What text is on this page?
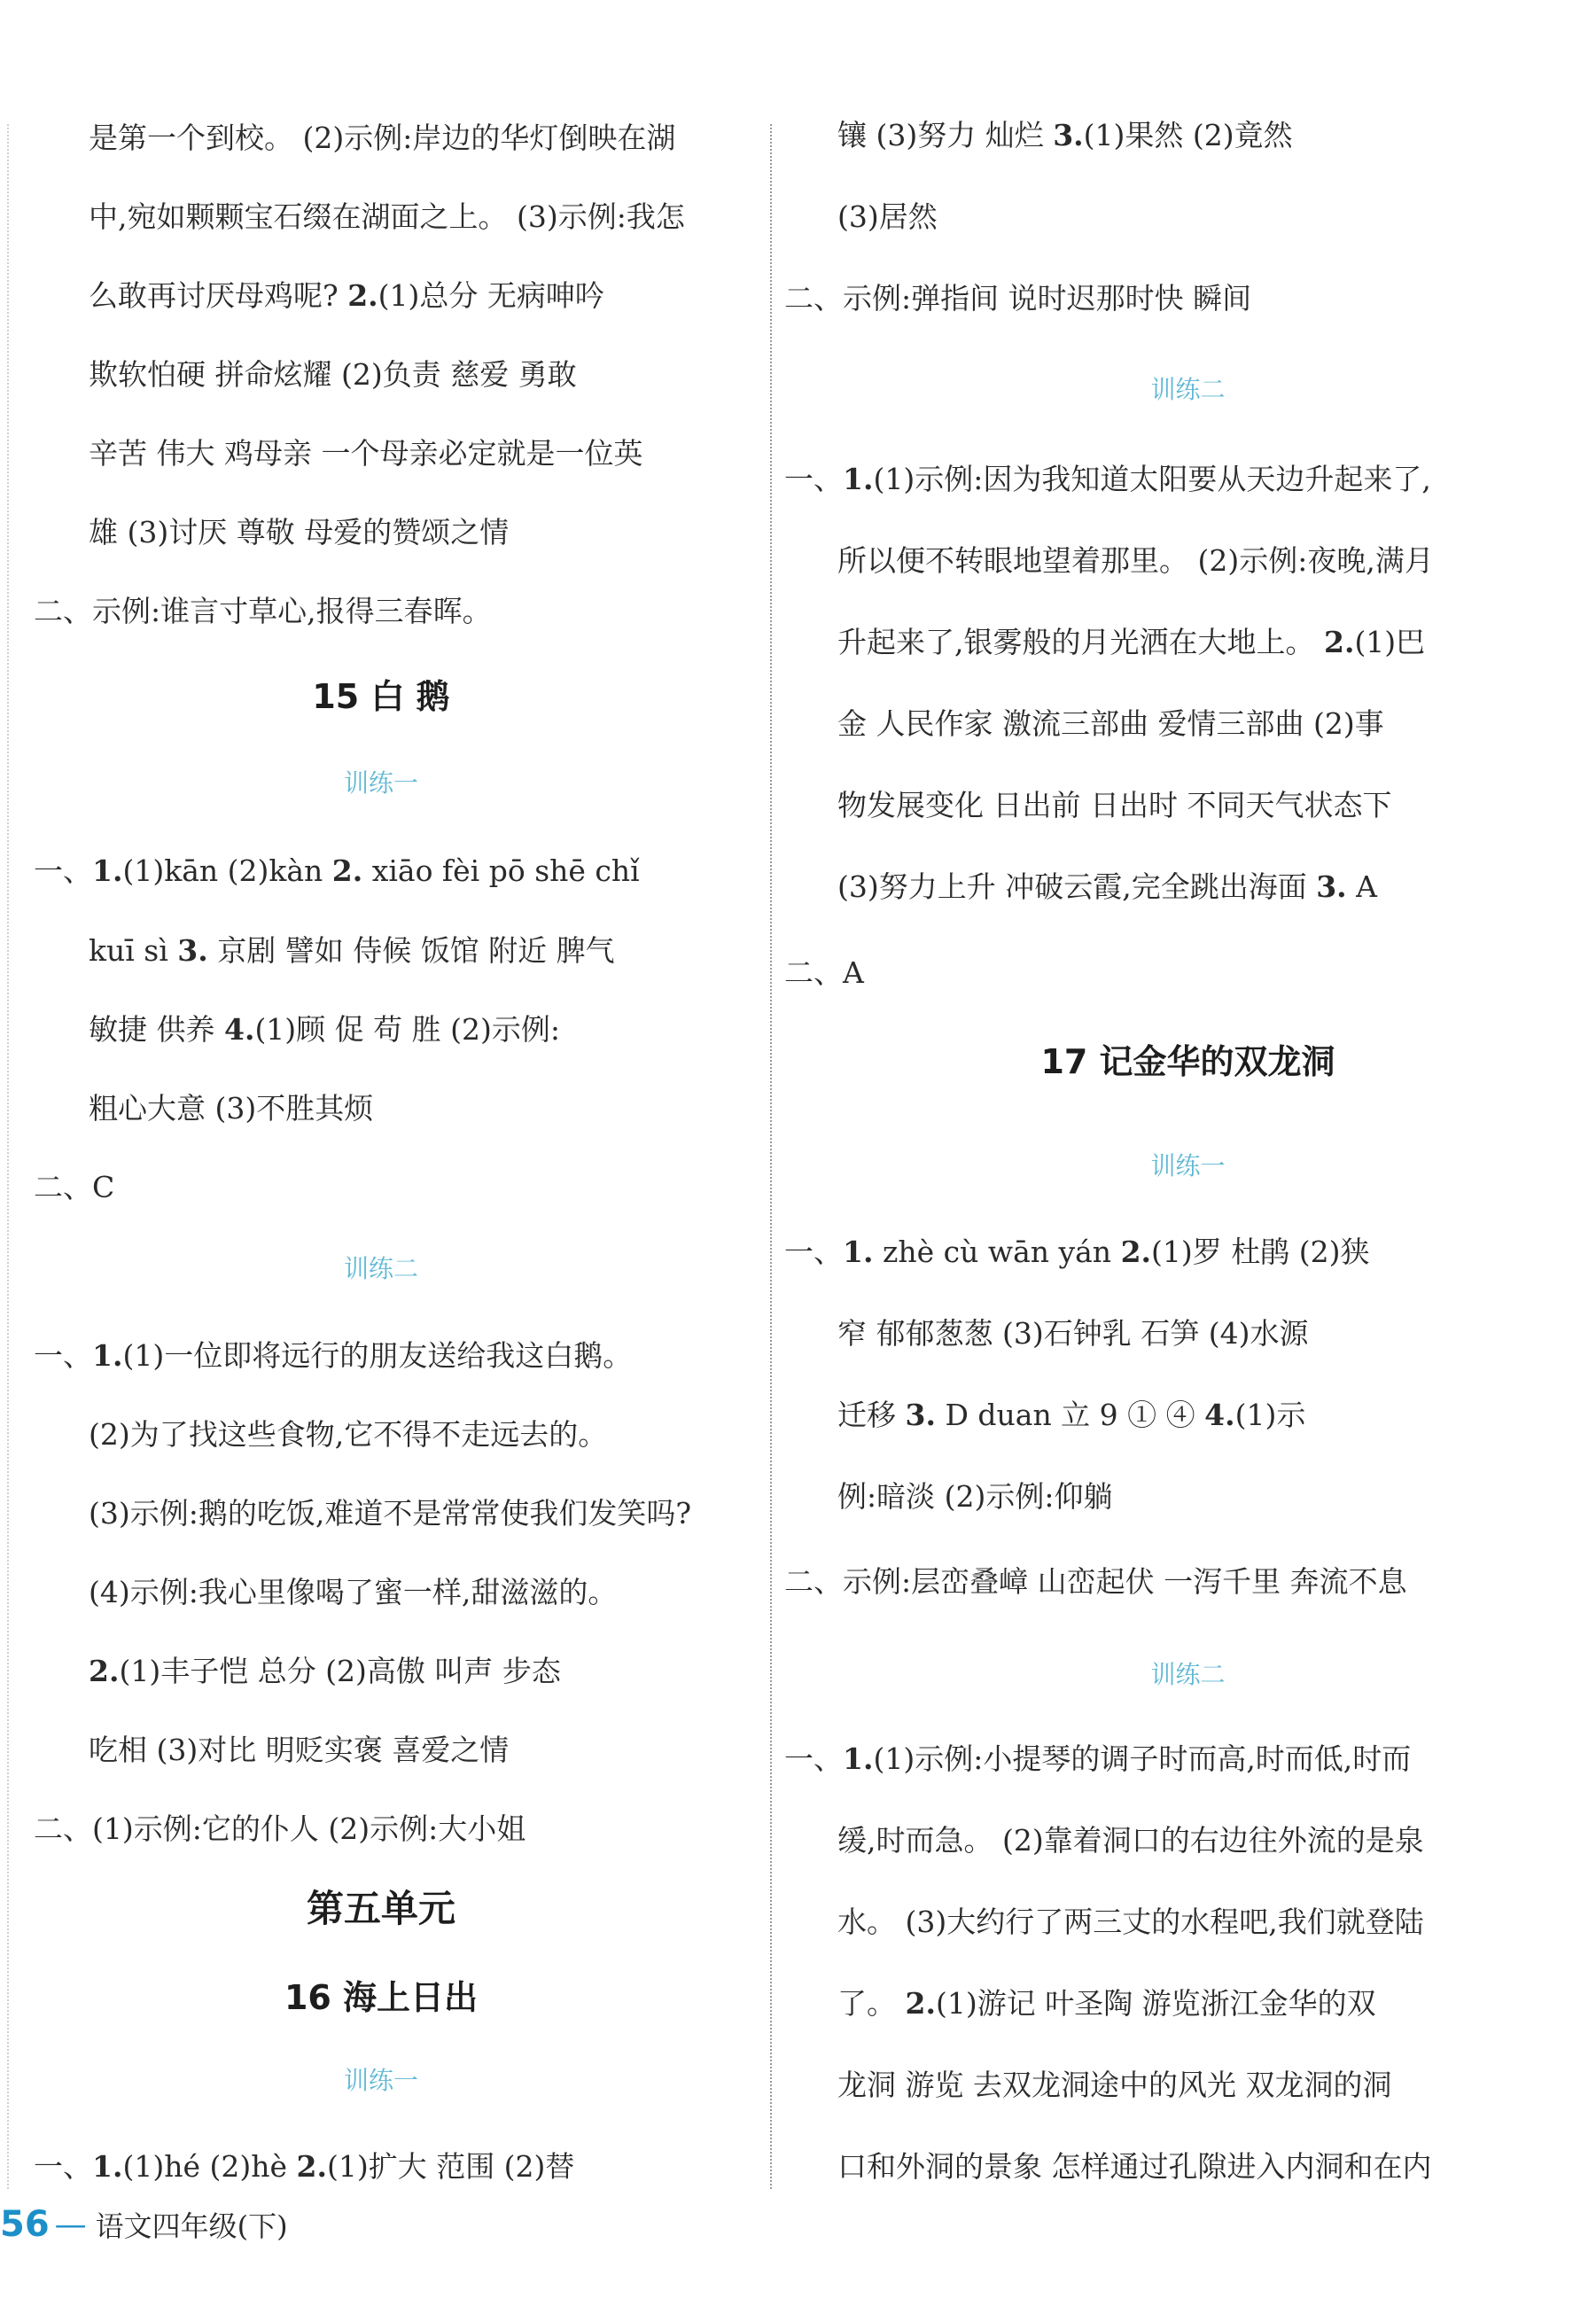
是第一个到校。 (2)示例:岸边的华灯倒映在湖
中,宛如颗颗宝石缀在湖面之上。 (3)示例:我怎
么敢再讨厌母鸡呢? 2.(1)总分 无病呻吟
欺软怕硬 拼命炫耀 (2)负责 慈爱 勇敢
辛苦 伟大 鸡母亲 一个母亲必定就是一位英
雄 (3)讨厌 尊敬 母爱的赞颂之情
二、示例:谁言寸草心,报得三春晖。
15 白 鹅
训练一
一、1.(1)kān (2)kàn 2. xiāo fèi pō shē chǐ
kuī sì 3. 京剧 譬如 侍候 饭馆 附近 脾气
敏捷 供养 4.(1)顾 促 苟 胜 (2)示例:
粗心大意 (3)不胜其烦
二、C
训练二
一、1.(1)一位即将远行的朋友送给我这白鹅。
(2)为了找这些食物,它不得不走远去的。
(3)示例:鹅的吃饭,难道不是常常使我们发笑吗?
(4)示例:我心里像喝了蜜一样,甜滋滋的。
2.(1)丰子恺 总分 (2)高傲 叫声 步态
吃相 (3)对比 明贬实褒 喜爱之情
二、(1)示例:它的仆人 (2)示例:大小姐
第五单元
16 海上日出
训练一
一、1.(1)hé (2)hè 2.(1)扩大 范围 (2)替
镶 (3)努力 灿烂 3.(1)果然 (2)竟然
(3)居然
二、示例:弹指间 说时迟那时快 瞬间
训练二
一、1.(1)示例:因为我知道太阳要从天边升起来了,
所以便不转眼地望着那里。 (2)示例:夜晚,满月
升起来了,银雾般的月光洒在大地上。 2.(1)巴
金 人民作家 激流三部曲 爱情三部曲 (2)事
物发展变化 日出前 日出时 不同天气状态下
(3)努力上升 冲破云霞,完全跳出海面 3. A
二、A
17 记金华的双龙洞
训练一
一、1. zhè cù wān yán 2.(1)罗 杜鹃 (2)狭
窄 郁郁葱葱 (3)石钟乳 石笋 (4)水源
迁移 3. D duan 立 9 ① ④ 4.(1)示
例:暗淡 (2)示例:仰躺
二、示例:层峦叠嶂 山峦起伏 一泻千里 奔流不息
训练二
一、1.(1)示例:小提琴的调子时而高,时而低,时而
缓,时而急。 (2)靠着洞口的右边往外流的是泉
水。 (3)大约行了两三丈的水程吧,我们就登陆
了。 2.(1)游记 叶圣陶 游览浙江金华的双
龙洞 游览 去双龙洞途中的风光 双龙洞的洞
口和外洞的景象 怎样通过孔隙进入内洞和在内
56 — 语文四年级(下)
